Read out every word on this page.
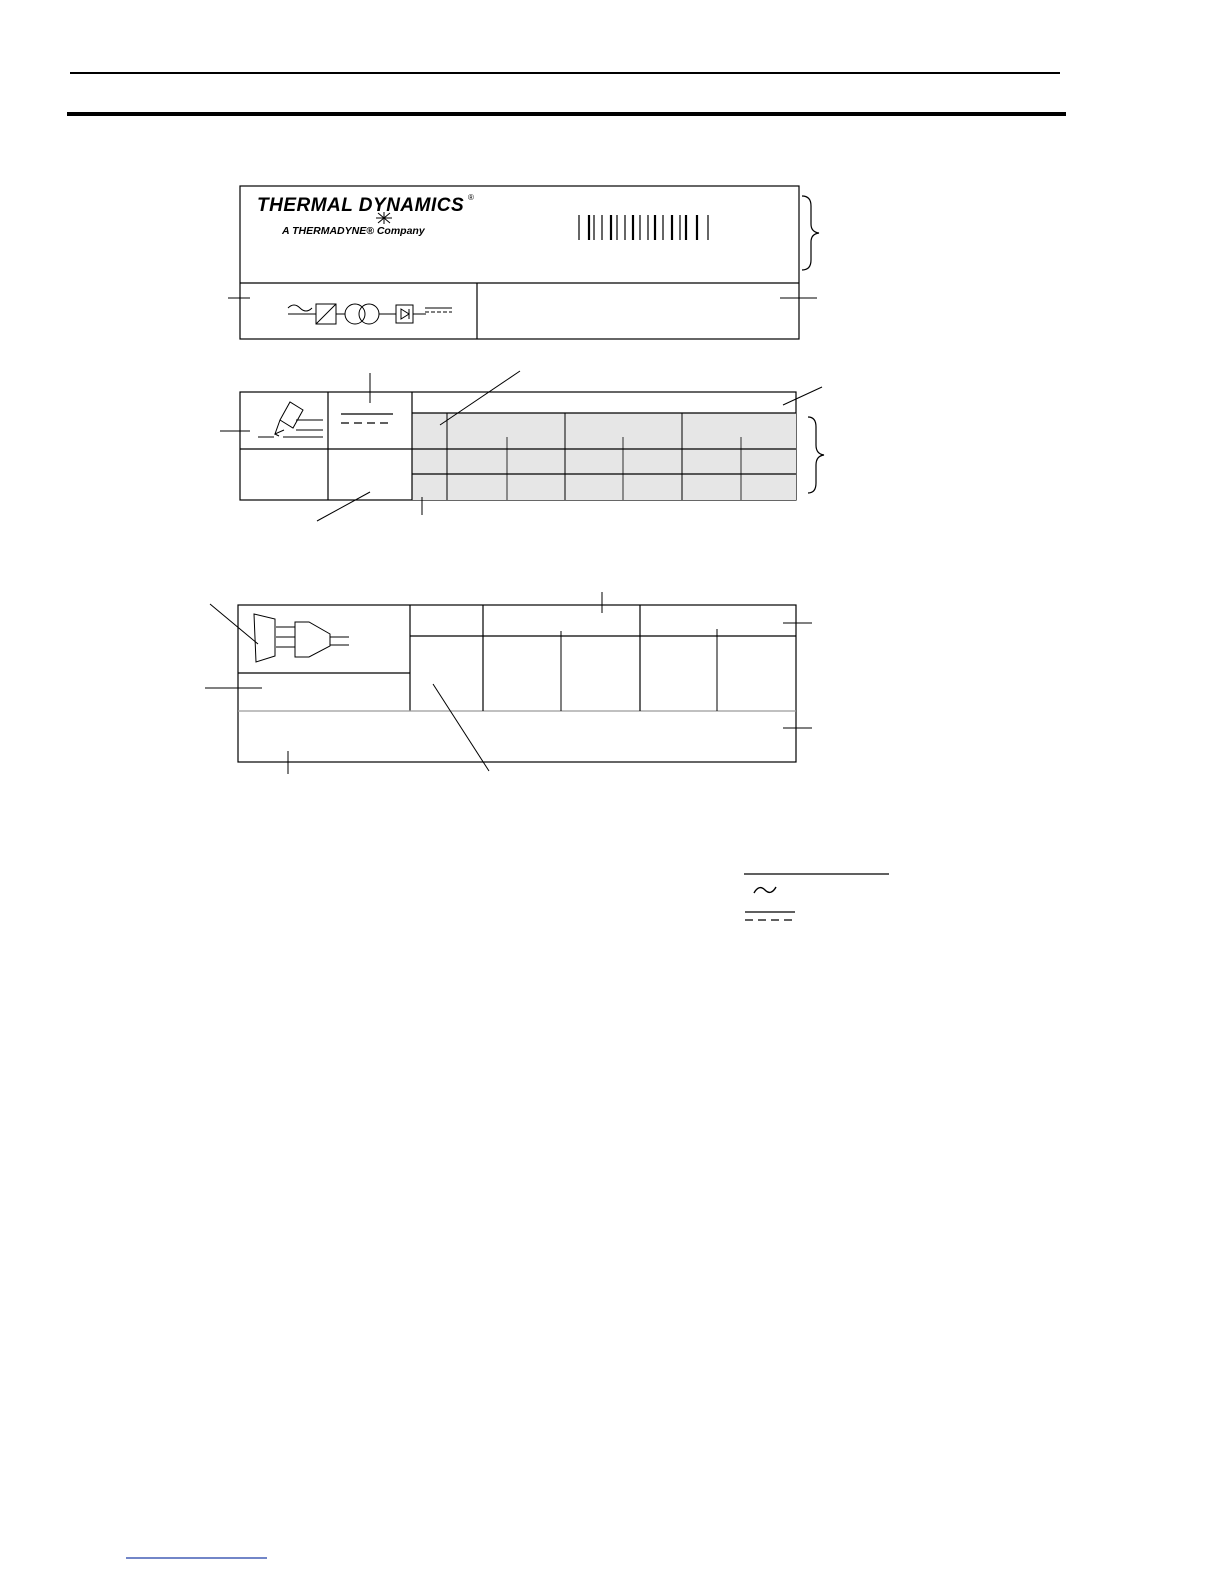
THERMAL DYNAMICS ®
A THERMADYNE® Company
